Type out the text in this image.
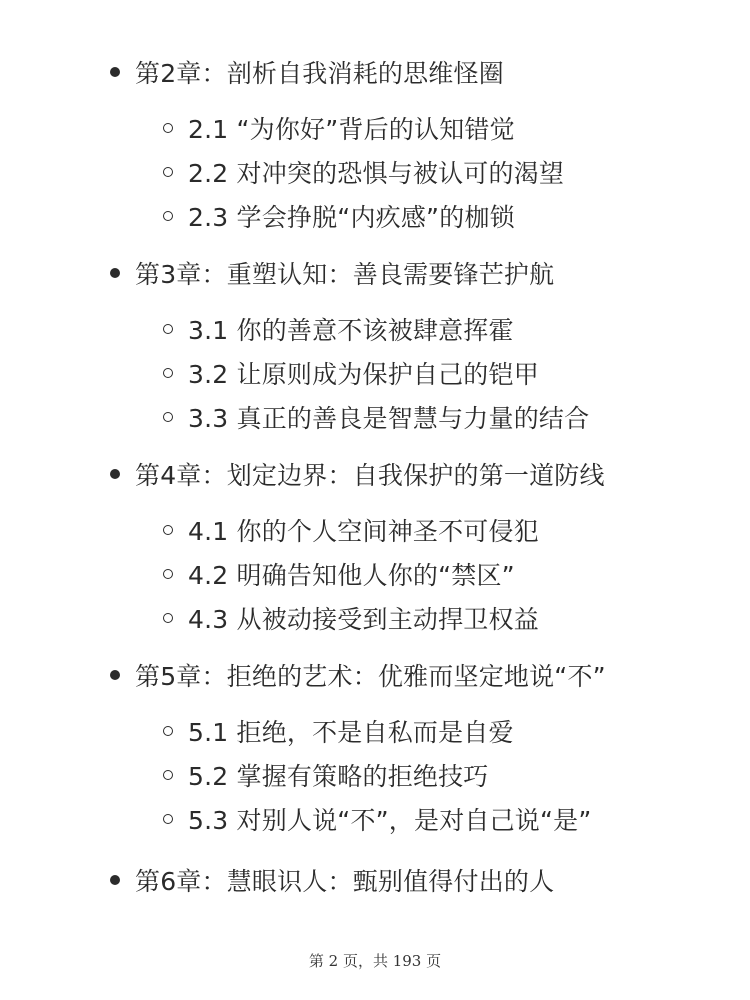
第2章：剖析自我消耗的思维怪圈
2.1 “为你好”背后的认知错觉
2.2 对冲突的恐惧与被认可的渴望
2.3 学会挣脱“内疚感”的枷锁
第3章：重塑认知：善良需要锋芒护航
3.1 你的善意不该被肆意挥霍
3.2 让原则成为保护自己的铠甲
3.3 真正的善良是智慧与力量的结合
第4章：划定边界：自我保护的第一道防线
4.1 你的个人空间神圣不可侵犯
4.2 明确告知他人你的“禁区”
4.3 从被动接受到主动捍卫权益
第5章：拒绝的艺术：优雅而坚定地说“不”
5.1 拒绝，不是自私而是自爱
5.2 掌握有策略的拒绝技巧
5.3 对别人说“不”，是对自己说“是”
第6章：慧眼识人：甄别值得付出的人
第 2 页，共 193 页
